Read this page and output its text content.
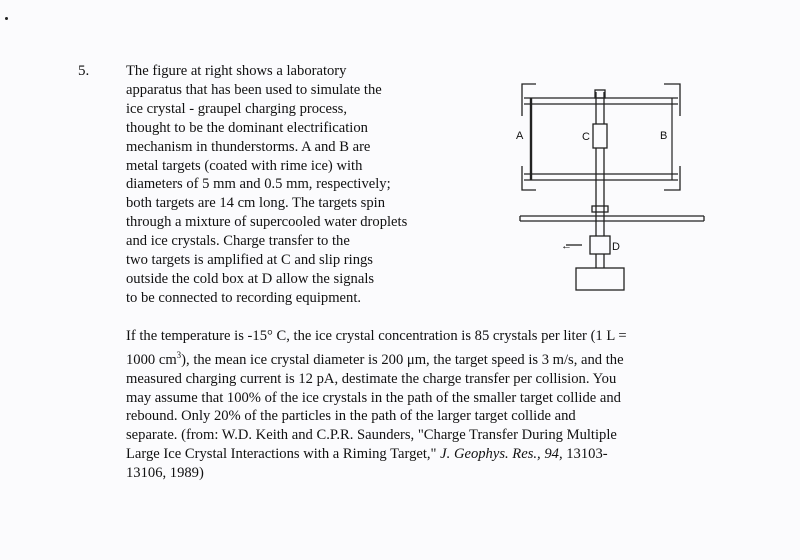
5.	The figure at right shows a laboratory
apparatus that has been used to simulate the
ice crystal - graupel charging process,
thought to be the dominant electrification
mechanism in thunderstorms. A and B are
metal targets (coated with rime ice) with
diameters of 5 mm and 0.5 mm, respectively;
both targets are 14 cm long. The targets spin
through a mixture of supercooled water droplets
and ice crystals. Charge transfer to the
two targets is amplified at C and slip rings
outside the cold box at D allow the signals
to be connected to recording equipment.
A	C	B
←	D
If the temperature is -15° C, the ice crystal concentration is 85 crystals per liter (1 L =
1000 $cm^3$), the mean ice crystal diameter is 200 μm, the target speed is 3 m/s, and the
measured charging current is 12 pA, destimate the charge transfer per collision. You
may assume that 100% of the ice crystals in the path of the smaller target collide and
rebound. Only 20% of the particles in the path of the larger target collide and
separate. (from: W.D. Keith and C.P.R. Saunders, "Charge Transfer During Multiple
Large Ice Crystal Interactions with a Riming Target," J. Geophys. Res., 94, 13103-
13106, 1989)
